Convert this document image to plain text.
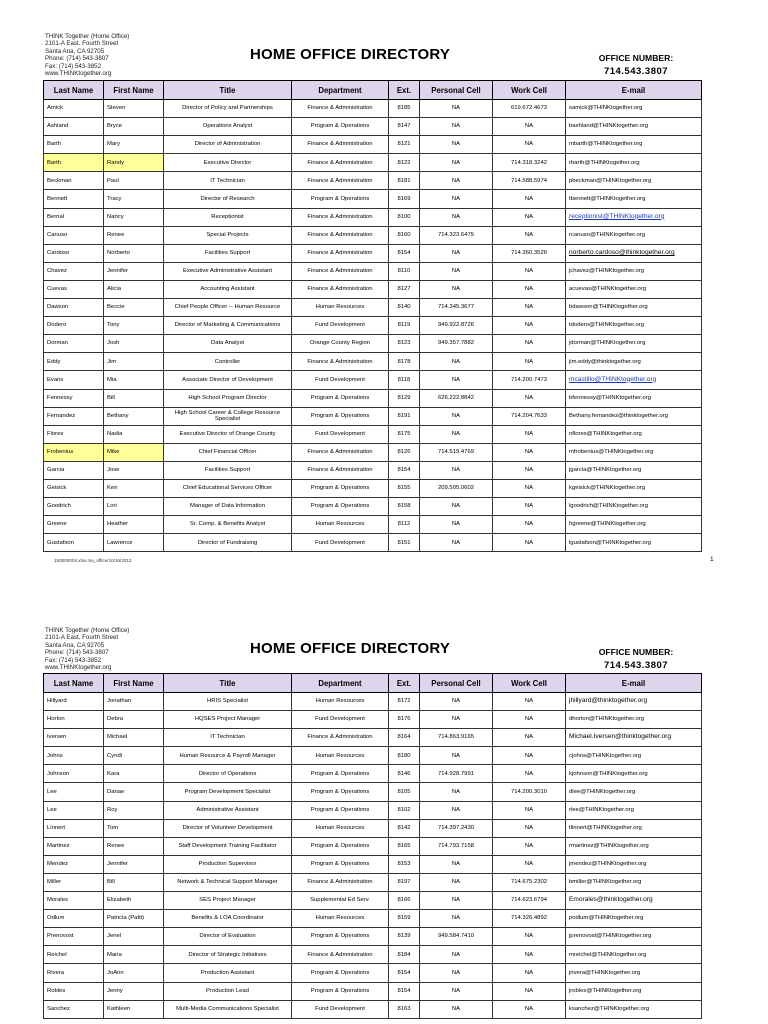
THINK Together (Home Office)
2101-A East. Fourth Street
Santa Ana, CA 92705
Phone: (714) 543-3807
Fax: (714) 543-3852
www.THINKtogether.org
HOME OFFICE DIRECTORY	OFFICE NUMBER:
714.543.3807
Last Name	First Name	Title	Department	Ext.	Personal Cell	Work Cell	E-mail
Amick	Steven	Director of Policy and Partnerships	Finance & Administration	8185	NA	619.672.4673	samick@THINKtogether.org
Ashland	Bryce	Operations Analyst	Program & Operations	8147	NA	NA	bashland@THINKtogether.org
Barth	Mary	Director of Administration	Finance & Administration	8121	NA	NA	mbarth@THINKtogether.org
Barth	Randy	Executive Director	Finance & Administration	8122	NA	714.318.3242	rbarth@THINKtogether.org
Beckman	Paul	IT Technician	Finance & Administration	8181	NA	714.588.5974	pbeckman@THINKtogether.org
Bennett	Tracy	Director of Research	Program & Operations	8169	NA	NA	tbennett@THINKtogether.org
Bernal	Nancy	Receptionist	Finance & Administration	8100	NA	NA	receptionist@THINKtogether.org
Canuso	Renee	Special Projects	Finance & Administration	8160	714.323.6475	NA	rcanuso@THINKtogether.org
Cardoso	Norberto	Facilities Support	Finance & Administration	8154	NA	714.360.3526	norberto.cardoso@thinktogether.org
Chavez	Jennifer	Executive Administrative Assistant	Finance & Administration	8110	NA	NA	jchavez@THINKtogether.org
Cuevas	Alicia	Accounting Assistant	Finance & Administration	8127	NA	NA	acuevas@THINKtogether.org
Dawson	Beccie	Chief People Officer -- Human Resource	Human Resources	8140	714.345.3677	NA	bdawson@THINKtogether.org
Dodero	Tony	Director of Marketing & Communications	Fund Development	8119	949.922.8726	NA	tdodero@THINKtogether.org
Dorman	Josh	Data Analyst	Orange County Region	8123	949.357.7882	NA	jdorman@THINKtogether.org
Eddy	Jim	Controller	Finance & Administration	8178	NA	NA	jim.eddy@thinktogether.org
Evans	Mia	Associate Director of Development	Fund Development	8118	NA	714.200.7473	mcastillo@THINKtogether.org
Fennessy	Bill	High School Program Director	Program & Operations	8129	626.222.8842	NA	bfennessy@THINKtogether.org
Fernandez	Bethany	High School Career & College Resource Specialist	Program & Operations	8191	NA	714.204.7633	Bethany.fernandez@thinktogether.org
Flores	Nadia	Executive Director of Orange County	Fund Development	8175	NA	NA	nflores@THINKtogether.org
Frobenius	Mike	Chief Financial Officer	Finance & Administration	8126	714.519.4769	NA	mfrobenius@THINKtogether.org
Garcia	Jose	Facilities Support	Finance & Administration	8154	NA	NA	jgarcia@THINKtogether.org
Geisick	Ken	Chief Educational Services Officer	Program & Operations	8155	209.505.0602	NA	kgeisick@THINKtogether.org
Goodrich	Lori	Manager of Data Information	Program & Operations	8158	NA	NA	lgoodrich@THINKtogether.org
Greene	Heather	Sr. Comp. & Benefits Analyst	Human Resources	8112	NA	NA	hgreene@THINKtogether.org
Gustafson	Lawrence	Director of Fundraising	Fund Development	8151	NA	NA	lgustafson@THINKtogether.org
150000004.xlsx.ma_office/10/16/2013	1
THINK Together (Home Office)
2101-A East. Fourth Street
Santa Ana, CA 92705
Phone: (714) 543-3807
Fax: (714) 543-3852
www.THINKtogether.org
HOME OFFICE DIRECTORY	OFFICE NUMBER:
714.543.3807
Last Name	First Name	Title	Department	Ext.	Personal Cell	Work Cell	E-mail
Hillyard	Jonathan	HRIS Specialist	Human Resources	8172	NA	NA	jhillyard@thinktogether.org
Horton	Debra	HQSES Project Manager	Fund Development	8176	NA	NA	dhorton@THINKtogether.org
Iversen	Michael	IT Technician	Finance & Administration	8164	714.863.9165	NA	Michael.Iversen@thinktogether.org
Johns	Cyndi	Human Resource & Payroll Manager	Human Resources	8180	NA	NA	cjohns@THINKtogether.org
Johnson	Kara	Director of Operations	Program & Operations	8146	714.928.7991	NA	kjohnson@THINKtogether.org
Lee	Danae	Program Development Specialist	Program & Operations	8105	NA	714.200.3010	dlee@THINKtogether.org
Lee	Roy	Administrative Assistant	Program & Operations	8102	NA	NA	rlee@THINKtogether.org
Linnert	Tom	Director of Volunteer Development	Human Resources	8142	714.397.2430	NA	tlinnert@THINKtogether.org
Martinez	Renee	Staff Development Training Facilitator	Program & Operations	8165	714.793.7158	NA	rmartinez@THINKtogether.org
Mendez	Jennifer	Production Supervisor	Program & Operations	8153	NA	NA	jmendez@THINKtogether.org
Miller	Bill	Network & Technical Support Manager	Finance & Administration	8197	NA	714.675.2302	bmiller@THINKtogether.org
Morales	Elizabeth	SES Project Manager	Supplemental Ed Serv.	8166	NA	714.623.6794	Emorales@thinktogether.org
Odlum	Patricia (Patti)	Benefits & LOA Coordinator	Human Resources	8159	NA	714.326.4892	podlum@THINKtogether.org
Prenovost	Jenel	Director of Evaluation	Program & Operations	8139	949.584.7410	NA	jprenovost@THINKtogether.org
Reichel	Maria	Director of Strategic Initiatives	Finance & Administration	8184	NA	NA	mreichel@THINKtogether.org
Rivera	JoAnn	Production Assistant	Program & Operations	8154	NA	NA	jrivera@THINKtogether.org
Robles	Jenny	Production Lead	Program & Operations	8154	NA	NA	jrobles@THINKtogether.org
Sanchez	Kathleen	Multi-Media Communications Specialist	Fund Development	8163	NA	NA	ksanchez@THINKtogether.org
